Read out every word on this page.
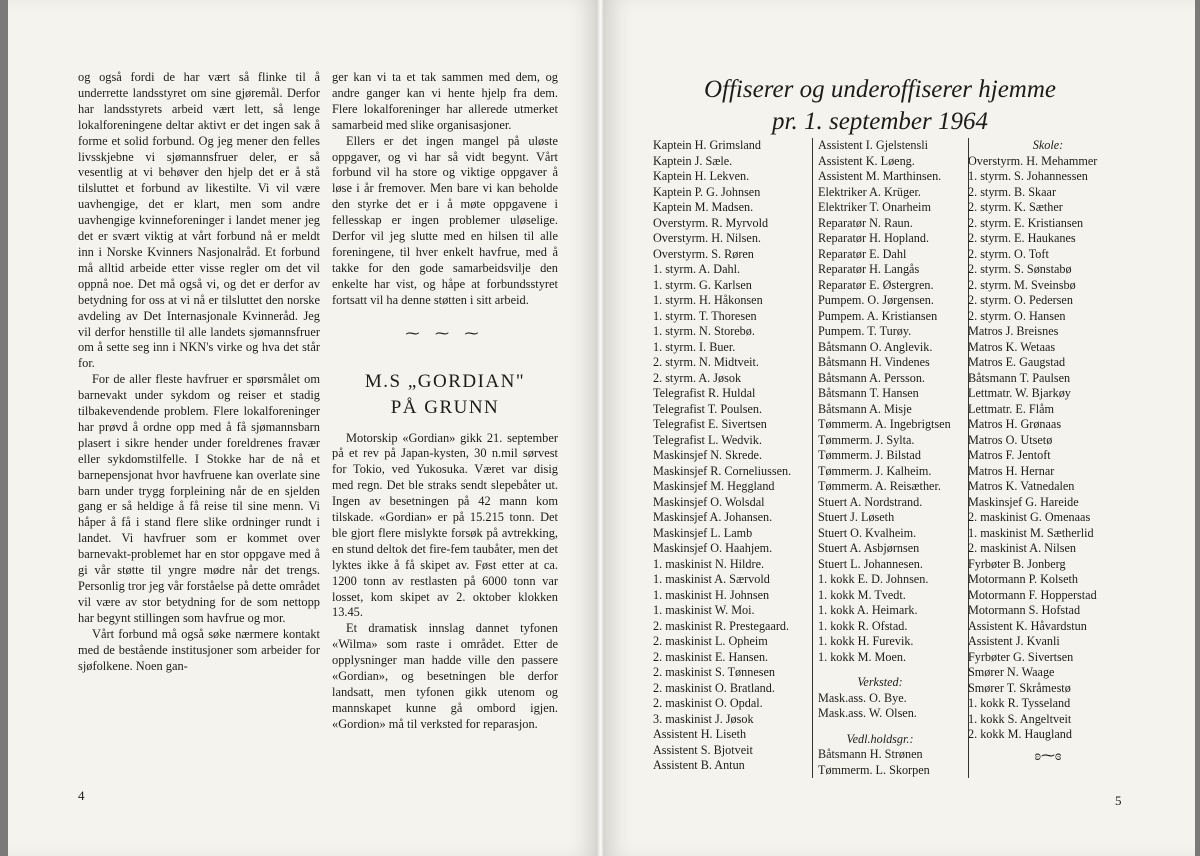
og også fordi de har vært så flinke til å underrette landsstyret om sine gjøremål. Derfor har landsstyrets arbeid vært lett, så lenge lokalforeningene deltar aktivt er det ingen sak å forme et solid forbund. Og jeg mener den felles livsskjebne vi sjømannsfruer deler, er så vesentlig at vi behøver den hjelp det er å stå tilsluttet et forbund av likestilte. Vi vil være uavhengige, det er klart, men som andre uavhengige kvinneforeninger i landet mener jeg det er svært viktig at vårt forbund nå er meldt inn i Norske Kvinners Nasjonalråd. Et forbund må alltid arbeide etter visse regler om det vil oppnå noe. Det må også vi, og det er derfor av betydning for oss at vi nå er tilsluttet den norske avdeling av Det Internasjonale Kvinneråd. Jeg vil derfor henstille til alle landets sjømannsfruer om å sette seg inn i NKN's virke og hva det står for.

For de aller fleste havfruer er spørsmålet om barnevakt under sykdom og reiser et stadig tilbakevendende problem. Flere lokalforeninger har prøvd å ordne opp med å få sjømannsbarn plasert i sikre hender under foreldrenes fravær eller sykdomstilfelle. I Stokke har de nå et barnepensjonat hvor havfruene kan overlate sine barn under trygg forpleining når de en sjelden gang er så heldige å få reise til sine menn. Vi håper å få i stand flere slike ordninger rundt i landet. Vi havfruer som er kommet over barnevakt-problemet har en stor oppgave med å gi vår støtte til yngre mødre når det trengs. Personlig tror jeg vår forståelse på dette området vil være av stor betydning for de som nettopp har begynt stillingen som havfrue og mor.

Vårt forbund må også søke nærmere kontakt med de bestående institusjoner som arbeider for sjøfolkene. Noen gan-

ger kan vi ta et tak sammen med dem, og andre ganger kan vi hente hjelp fra dem. Flere lokalforeninger har allerede utmerket samarbeid med slike organisasjoner.

Ellers er det ingen mangel på uløste oppgaver, og vi har så vidt begynt. Vårt forbund vil ha store og viktige oppgaver å løse i år fremover. Men bare vi kan beholde den styrke det er i å møte oppgavene i fellesskap er ingen problemer uløselige. Derfor vil jeg slutte med en hilsen til alle foreningene, til hver enkelt havfrue, med å takke for den gode samarbeidsvilje den enkelte har vist, og håpe at forbundsstyret fortsatt vil ha denne støtten i sitt arbeid.

⁓ ⁓ ⁓
M.S „GORDIAN"
PÅ GRUNN

Motorskip «Gordian» gikk 21. september på et rev på Japan-kysten, 30 n.mil sørvest for Tokio, ved Yukosuka. Været var disig med regn. Det ble straks sendt slepebåter ut. Ingen av besetningen på 42 mann kom tilskade. «Gordian» er på 15.215 tonn. Det ble gjort flere mislykte forsøk på avtrekking, en stund deltok det fire-fem taubåter, men det lyktes ikke å få skipet av. Føst etter at ca. 1200 tonn av restlasten på 6000 tonn var losset, kom skipet av 2. oktober klokken 13.45.

Et dramatisk innslag dannet tyfonen «Wilma» som raste i området. Etter de opplysninger man hadde ville den passere «Gordian», og besetningen ble derfor landsatt, men tyfonen gikk utenom og mannskapet kunne gå ombord igjen. «Gordion» må til verksted for reparasjon.

4
Offiserer og underoffiserer hjemme
pr. 1. september 1964
Kaptein H. Grimsland
Kaptein J. Sæle.
Kaptein H. Lekven.
Kaptein P. G. Johnsen
Kaptein M. Madsen.
Overstyrm. R. Myrvold
Overstyrm. H. Nilsen.
Overstyrm. S. Røren
1. styrm. A. Dahl.
1. styrm. G. Karlsen
1. styrm. H. Håkonsen
1. styrm. T. Thoresen
1. styrm. N. Storebø.
1. styrm. I. Buer.
2. styrm. N. Midtveit.
2. styrm. A. Jøsok
Telegrafist R. Huldal
Telegrafist T. Poulsen.
Telegrafist E. Sivertsen
Telegrafist L. Wedvik.
Maskinsjef N. Skrede.
Maskinsjef R. Corneliussen.
Maskinsjef M. Heggland
Maskinsjef O. Wolsdal
Maskinsjef A. Johansen.
Maskinsjef L. Lamb
Maskinsjef O. Haahjem.
1. maskinist N. Hildre.
1. maskinist A. Særvold
1. maskinist H. Johnsen
1. maskinist W. Moi.
2. maskinist R. Prestegaard.
2. maskinist L. Opheim
2. maskinist E. Hansen.
2. maskinist S. Tønnesen
2. maskinist O. Bratland.
2. maskinist O. Opdal.
3. maskinist J. Jøsok
Assistent H. Liseth
Assistent S. Bjotveit
Assistent B. Antun
Assistent I. Gjelstensli
Assistent K. Løeng.
Assistent M. Marthinsen.
Elektriker A. Krüger.
Elektriker T. Onarheim
Reparatør N. Raun.
Reparatør H. Hopland.
Reparatør E. Dahl
Reparatør H. Langås
Reparatør E. Østergren.
Pumpem. O. Jørgensen.
Pumpem. A. Kristiansen
Pumpem. T. Turøy.
Båtsmann O. Anglevik.
Båtsmann H. Vindenes
Båtsmann A. Persson.
Båtsmann T. Hansen
Båtsmann A. Misje
Tømmerm. A. Ingebrigtsen
Tømmerm. J. Sylta.
Tømmerm. J. Bilstad
Tømmerm. J. Kalheim.
Tømmerm. A. Reisæther.
Stuert A. Nordstrand.
Stuert J. Løseth
Stuert O. Kvalheim.
Stuert A. Asbjørnsen
Stuert L. Johannesen.
1. kokk E. D. Johnsen.
1. kokk M. Tvedt.
1. kokk A. Heimark.
1. kokk R. Ofstad.
1. kokk H. Furevik.
1. kokk M. Moen.
Verksted:
Mask.ass. O. Bye.
Mask.ass. W. Olsen.
Vedl.holdsgr.:
Båtsmann H. Strønen
Tømmerm. L. Skorpen
Skole:
Overstyrm. H. Mehammer
1. styrm. S. Johannessen
2. styrm. B. Skaar
2. styrm. K. Sæther
2. styrm. E. Kristiansen
2. styrm. E. Haukanes
2. styrm. O. Toft
2. styrm. S. Sønstabø
2. styrm. M. Sveinsbø
2. styrm. O. Pedersen
2. styrm. O. Hansen
Matros J. Breisnes
Matros K. Wetaas
Matros E. Gaugstad
Båtsmann T. Paulsen
Lettmatr. W. Bjarkøy
Lettmatr. E. Flåm
Matros H. Grønaas
Matros O. Utsetø
Matros F. Jentoft
Matros H. Hernar
Matros K. Vatnedalen
Maskinsjef G. Hareide
2. maskinist G. Omenaas
1. maskinist M. Sætherlid
2. maskinist A. Nilsen
Fyrbøter B. Jonberg
Motormann P. Kolseth
Motormann F. Hopperstad
Motormann S. Hofstad
Assistent K. Håvardstun
Assistent J. Kvanli
Fyrbøter G. Sivertsen
Smører N. Waage
Smører T. Skråmestø
1. kokk R. Tysseland
1. kokk S. Angeltveit
2. kokk M. Haugland
ʚ⁓ɞ
5
